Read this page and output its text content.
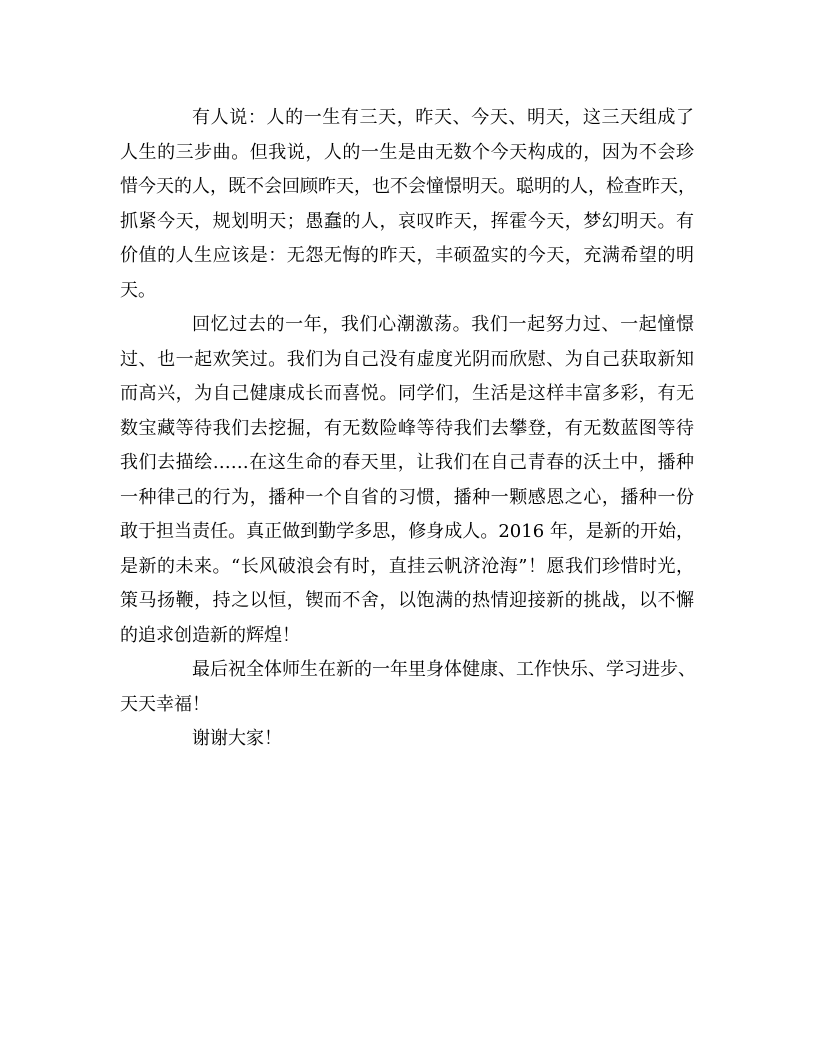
有人说：人的一生有三天，昨天、今天、明天，这三天组成了
人生的三步曲。但我说，人的一生是由无数个今天构成的，因为不会珍
惜今天的人，既不会回顾昨天，也不会憧憬明天。聪明的人，检查昨天，
抓紧今天，规划明天；愚蠢的人，哀叹昨天，挥霍今天，梦幻明天。有
价值的人生应该是：无怨无悔的昨天，丰硕盈实的今天，充满希望的明
天。
回忆过去的一年，我们心潮激荡。我们一起努力过、一起憧憬
过、也一起欢笑过。我们为自己没有虚度光阴而欣慰、为自己获取新知
而高兴，为自己健康成长而喜悦。同学们，生活是这样丰富多彩，有无
数宝藏等待我们去挖掘，有无数险峰等待我们去攀登，有无数蓝图等待
我们去描绘……在这生命的春天里，让我们在自己青春的沃土中，播种
一种律己的行为，播种一个自省的习惯，播种一颗感恩之心，播种一份
敢于担当责任。真正做到勤学多思，修身成人。2016 年，是新的开始，
是新的未来。“长风破浪会有时，直挂云帆济沧海”！愿我们珍惜时光，
策马扬鞭，持之以恒，锲而不舍，以饱满的热情迎接新的挑战，以不懈
的追求创造新的辉煌！
最后祝全体师生在新的一年里身体健康、工作快乐、学习进步、
天天幸福！
谢谢大家！
